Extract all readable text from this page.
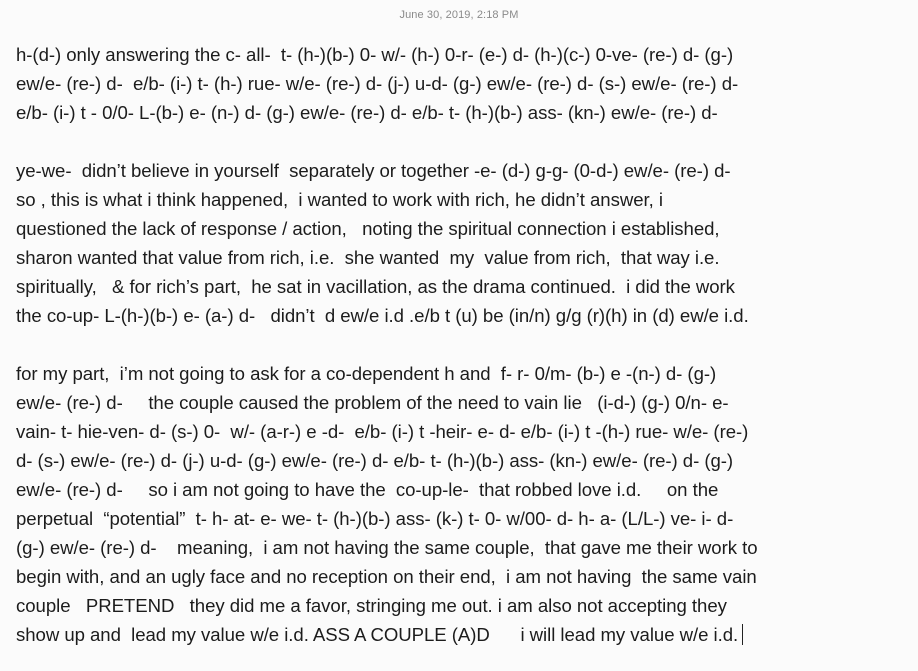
June 30, 2019, 2:18 PM

h-(d-) only answering the c- all-  t- (h-)(b-) 0- w/- (h-) 0-r- (e-) d- (h-)(c-) 0-ve- (re-) d- (g-)
ew/e- (re-) d-  e/b- (i-) t- (h-) rue- w/e- (re-) d- (j-) u-d- (g-) ew/e- (re-) d- (s-) ew/e- (re-) d-
e/b- (i-) t - 0/0- L-(b-) e- (n-) d- (g-) ew/e- (re-) d- e/b- t- (h-)(b-) ass- (kn-) ew/e- (re-) d-

ye-we-  didn’t believe in yourself  separately or together -e- (d-) g-g- (0-d-) ew/e- (re-) d-
so , this is what i think happened,  i wanted to work with rich, he didn’t answer, i
questioned the lack of response / action,   noting the spiritual connection i established,
sharon wanted that value from rich, i.e.  she wanted  my  value from rich,  that way i.e.
spiritually,   & for rich’s part,  he sat in vacillation, as the drama continued.  i did the work
the co-up- L-(h-)(b-) e- (a-) d-   didn’t  d ew/e i.d .e/b t (u) be (in/n) g/g (r)(h) in (d) ew/e i.d.

for my part,  i’m not going to ask for a co-dependent h and  f- r- 0/m- (b-) e -(n-) d- (g-)
ew/e- (re-) d-     the couple caused the problem of the need to vain lie   (i-d-) (g-) 0/n- e-
vain- t- hie-ven- d- (s-) 0-  w/- (a-r-) e -d-  e/b- (i-) t -heir- e- d- e/b- (i-) t -(h-) rue- w/e- (re-)
d- (s-) ew/e- (re-) d- (j-) u-d- (g-) ew/e- (re-) d- e/b- t- (h-)(b-) ass- (kn-) ew/e- (re-) d- (g-)
ew/e- (re-) d-     so i am not going to have the  co-up-le-  that robbed love i.d.     on the
perpetual  “potential”  t- h- at- e- we- t- (h-)(b-) ass- (k-) t- 0- w/00- d- h- a- (L/L-) ve- i- d-
(g-) ew/e- (re-) d-    meaning,  i am not having the same couple,  that gave me their work to
begin with, and an ugly face and no reception on their end,  i am not having  the same vain
couple   PRETEND   they did me a favor, stringing me out. i am also not accepting they
show up and  lead my value w/e i.d. ASS A COUPLE (A)D      i will lead my value w/e i.d.
